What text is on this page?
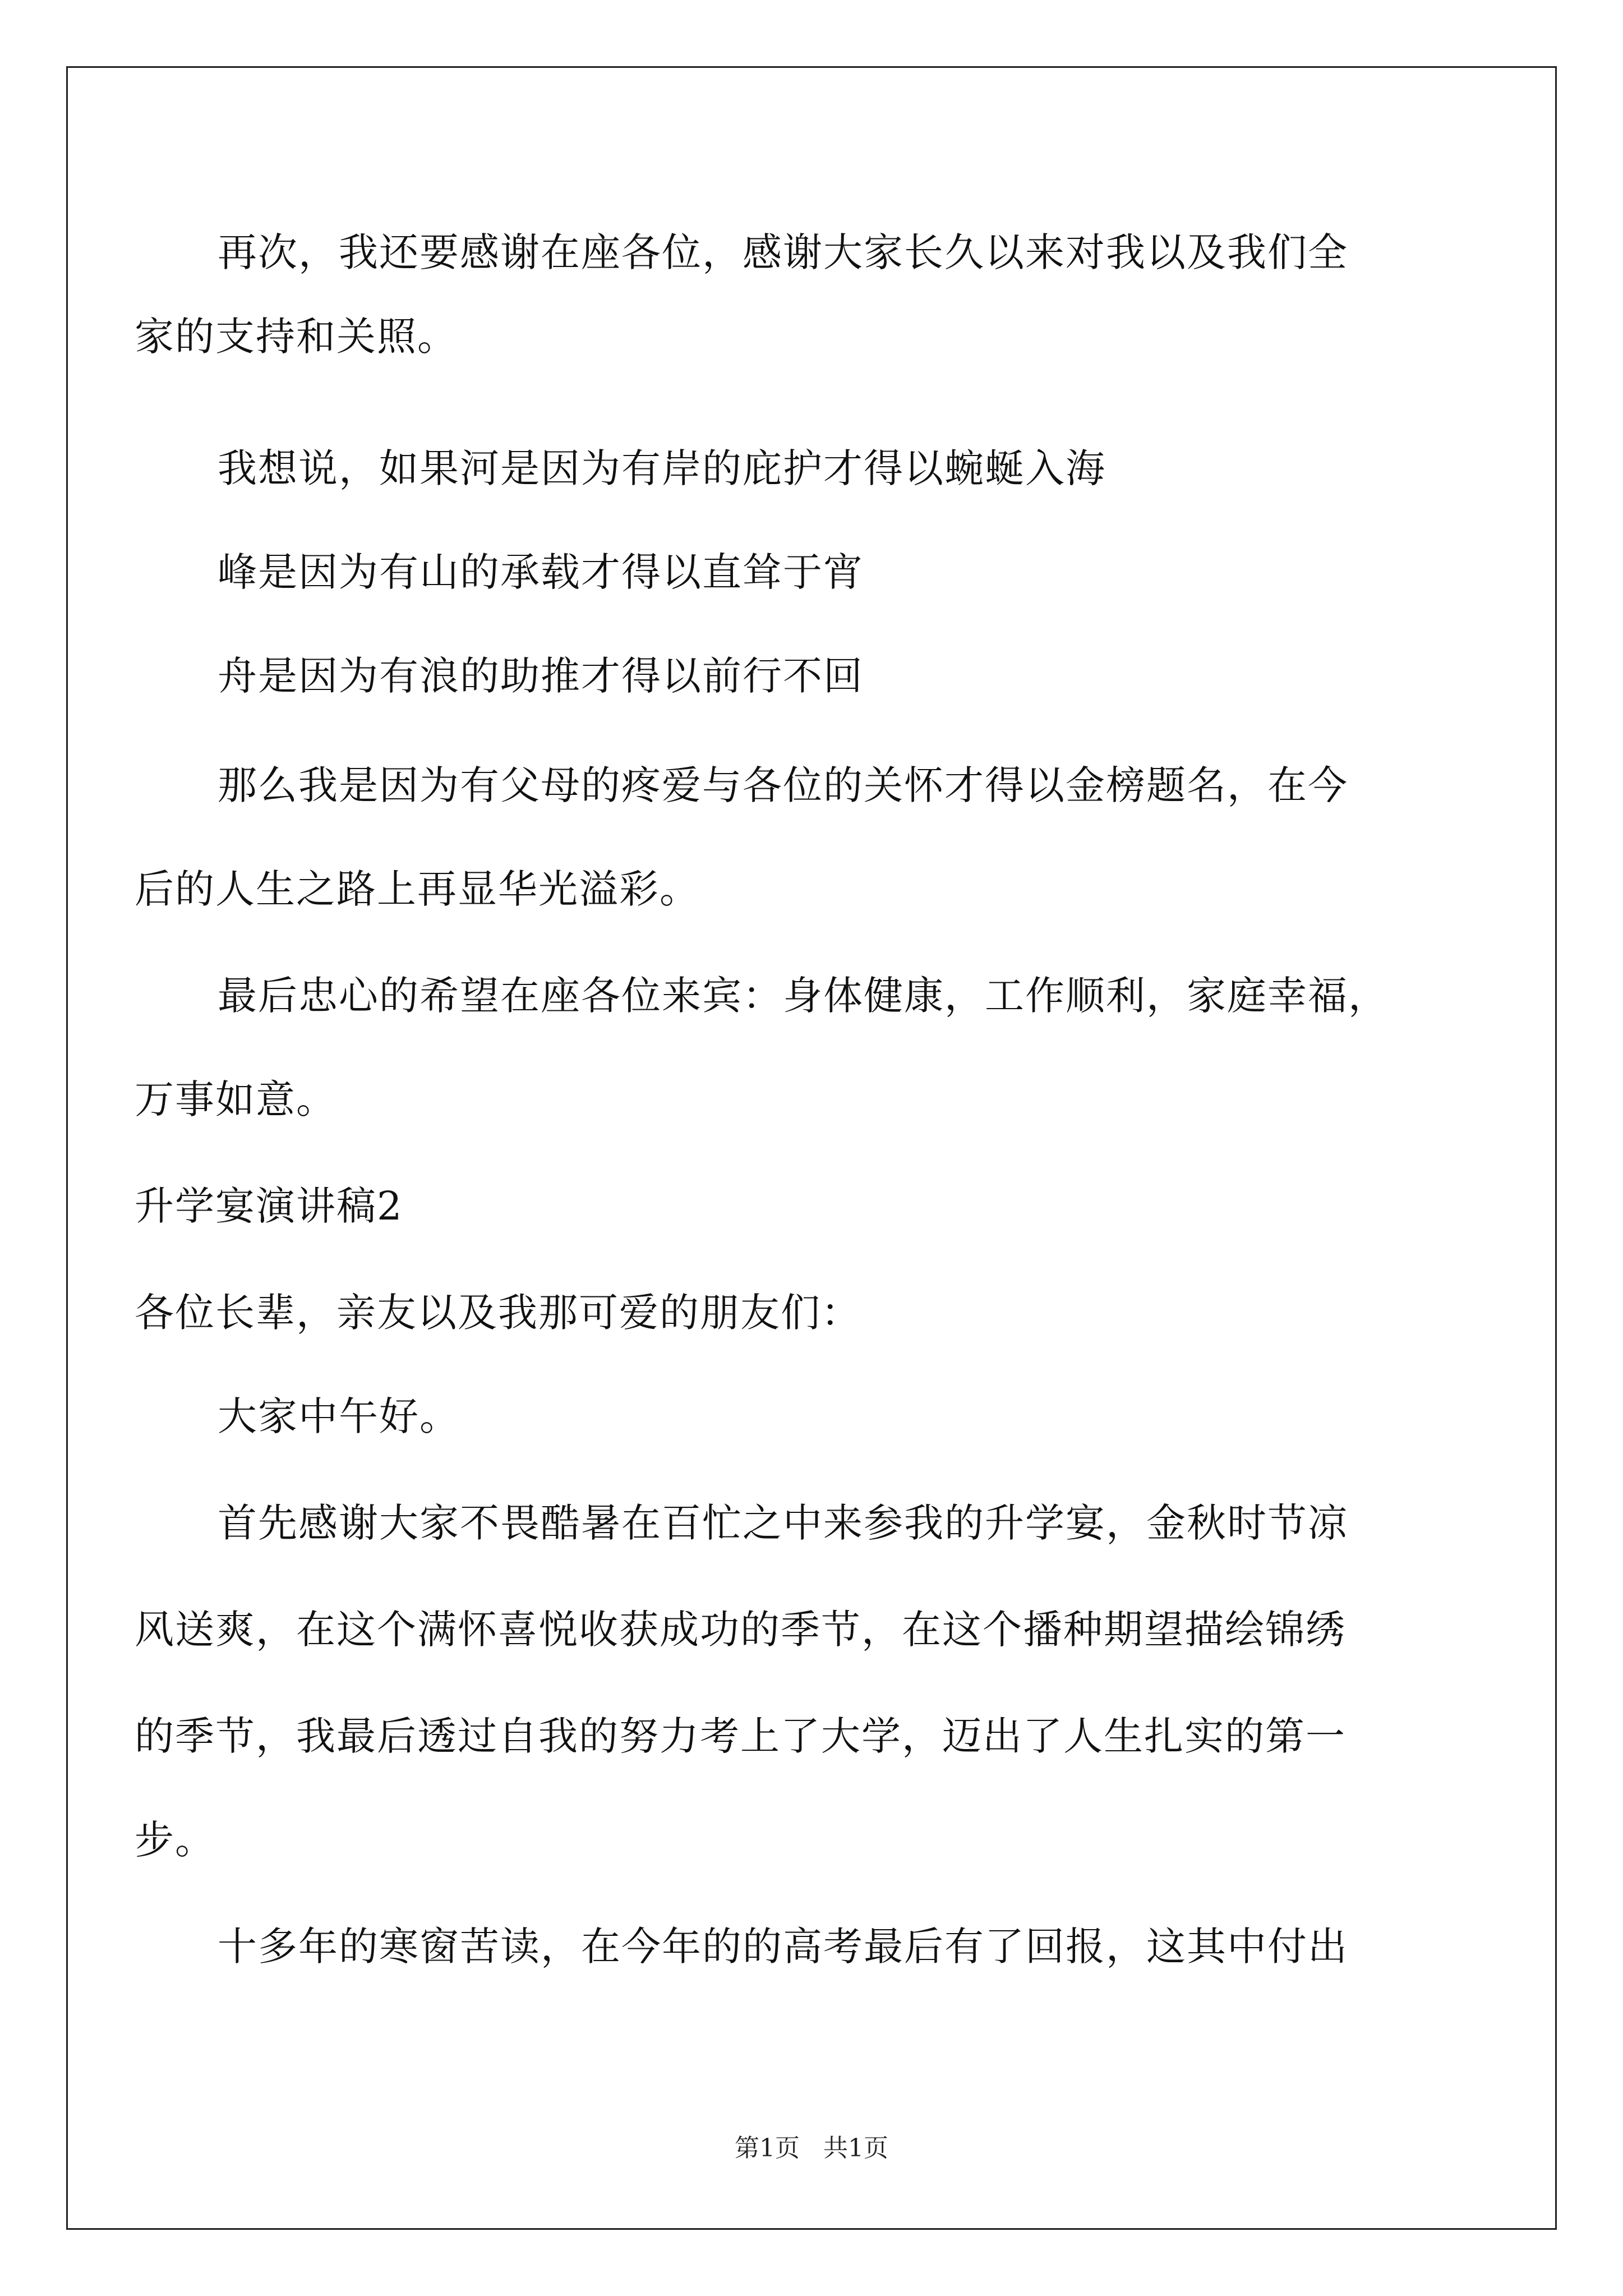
再次，我还要感谢在座各位，感谢大家长久以来对我以及我们全
家的支持和关照。
我想说，如果河是因为有岸的庇护才得以蜿蜒入海
峰是因为有山的承载才得以直耸于宵
舟是因为有浪的助推才得以前行不回
那么我是因为有父母的疼爱与各位的关怀才得以金榜题名，在今
后的人生之路上再显华光溢彩。
最后忠心的希望在座各位来宾：身体健康，工作顺利，家庭幸福，
万事如意。
升学宴演讲稿2
各位长辈，亲友以及我那可爱的朋友们：
大家中午好。
首先感谢大家不畏酷暑在百忙之中来参我的升学宴，金秋时节凉
风送爽，在这个满怀喜悦收获成功的季节，在这个播种期望描绘锦绣
的季节，我最后透过自我的努力考上了大学，迈出了人生扎实的第一
步。
十多年的寒窗苦读，在今年的的高考最后有了回报，这其中付出
第1页 共1页
